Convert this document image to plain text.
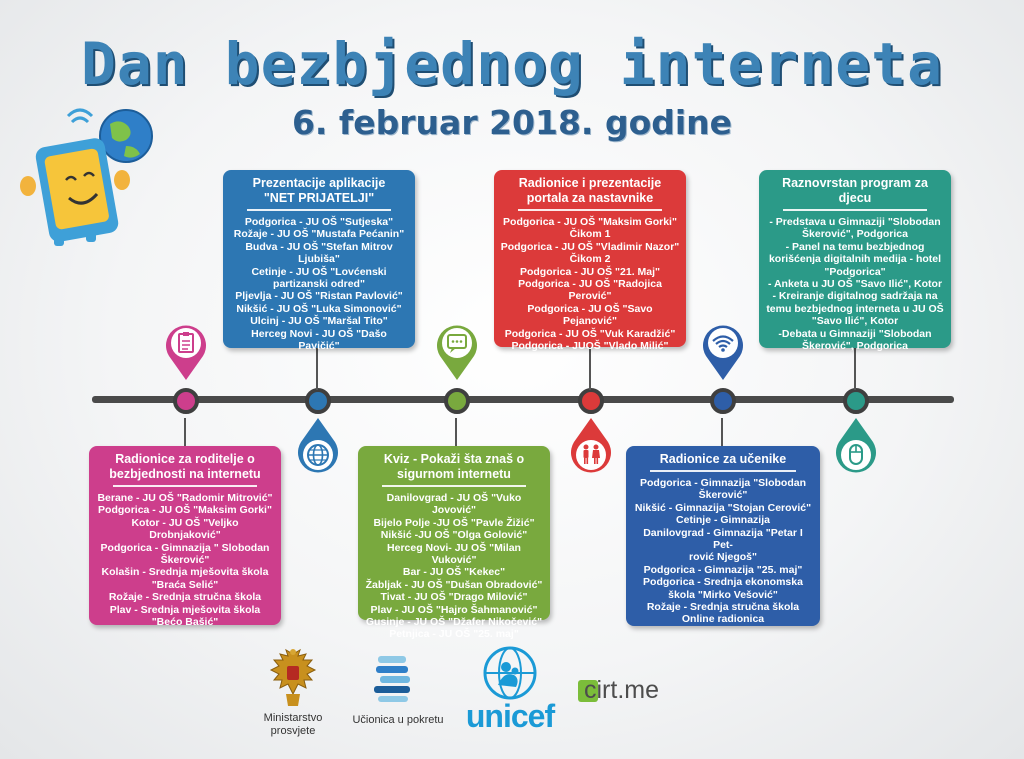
Dan bezbjednog interneta
6. februar 2018. godine
Radionice za roditelje o
bezbjednosti na internetu
Berane - JU OŠ "Radomir Mitrović"
Podgorica - JU OŠ "Maksim Gorki"
Kotor - JU OŠ "Veljko Drobnjaković"
Podgorica - Gimnazija " Slobodan
Škerović"
Kolašin - Srednja mješovita škola
"Braća Selić"
Rožaje - Srednja stručna škola
Plav - Srednja mješovita škola
"Bećo Bašić"
Prezentacije aplikacije
"NET PRIJATELJI"
Podgorica - JU OŠ "Sutjeska"
Rožaje - JU OŠ "Mustafa Pećanin"
Budva - JU OŠ "Stefan Mitrov
Ljubiša"
Cetinje - JU OŠ "Lovćenski
partizanski odred"
Pljevlja - JU OŠ "Ristan Pavlović"
Nikšić - JU OŠ "Luka Simonović"
Ulcinj - JU OŠ "Maršal Tito"
Herceg Novi - JU OŠ "Dašo
Pavičić"
Kviz - Pokaži šta znaš o
sigurnom internetu
Danilovgrad - JU OŠ "Vuko Jovović"
Bijelo Polje -JU OŠ "Pavle Žižić"
Nikšić -JU OŠ "Olga Golović"
Herceg Novi- JU OŠ "Milan Vuković"
Bar - JU OŠ "Kekec"
Žabljak - JU OŠ "Dušan Obradović"
Tivat - JU OŠ "Drago Milović"
Plav - JU OŠ "Hajro Šahmanović"
Gusinje - JU OŠ "Džafer Nikočević"
Petnjica - JU OŠ "25. maj"
Radionice i prezentacije
portala za nastavnike
Podgorica - JU OŠ "Maksim Gorki"
Čikom 1
Podgorica - JU OŠ "Vladimir Nazor"
Čikom 2
Podgorica - JU OŠ "21. Maj"
Podgorica - JU OŠ "Radojica
Perović"
Podgorica - JU OŠ "Savo Pejanović"
Podgorica - JU OŠ "Vuk Karadžić"
Podgorica - JUOŠ "Vlado Milić"
Radionice za učenike
Podgorica - Gimnazija "Slobodan
Škerović"
Nikšić - Gimnazija "Stojan Cerović"
Cetinje - Gimnazija
Danilovgrad - Gimnazija "Petar I Pet-
rović Njegoš"
Podgorica - Gimnazija "25. maj"
Podgorica - Srednja ekonomska
škola "Mirko Vešović"
Rožaje - Srednja stručna škola
Online radionica
Raznovrstan program za
djecu
- Predstava u Gimnaziji "Slobodan
Škerović", Podgorica
- Panel na temu bezbjednog
korišćenja digitalnih medija - hotel
"Podgorica"
- Anketa u JU OŠ "Savo Ilić", Kotor
- Kreiranje digitalnog sadržaja na
temu bezbjednog interneta u JU OŠ
"Savo Ilić", Kotor
-Debata u Gimnaziji "Slobodan
Škerović", Podgorica
Ministarstvo
prosvjete
Učionica u pokretu unicef
cirt.me
